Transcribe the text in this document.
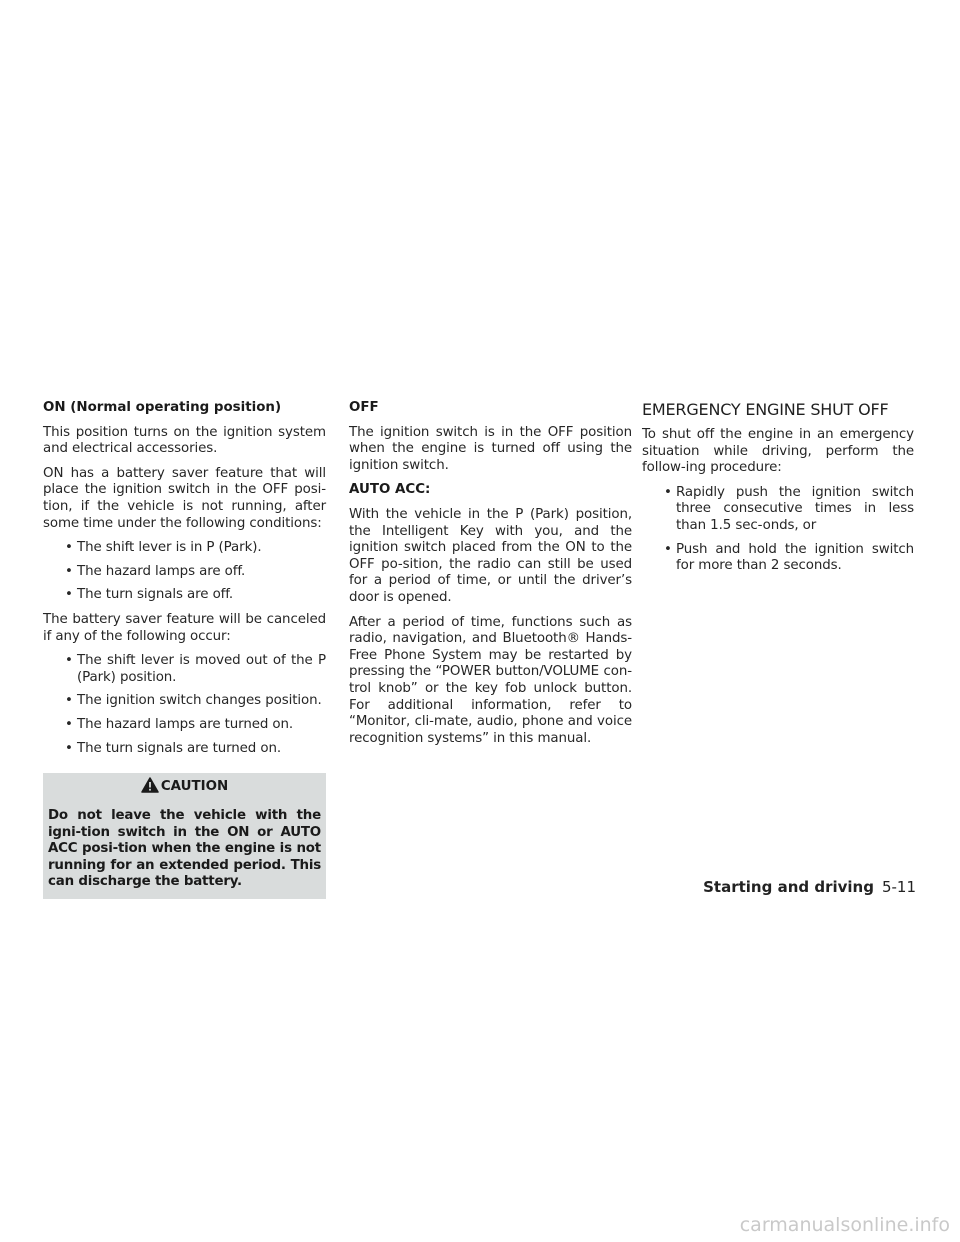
ON (Normal operating position)
This position turns on the ignition system and electrical accessories.
ON has a battery saver feature that will place the ignition switch in the OFF posi-tion, if the vehicle is not running, after some time under the following conditions:
• The shift lever is in P (Park).
• The hazard lamps are off.
• The turn signals are off.
The battery saver feature will be canceled if any of the following occur:
• The shift lever is moved out of the P (Park) position.
• The ignition switch changes position.
• The hazard lamps are turned on.
• The turn signals are turned on.
CAUTION
Do not leave the vehicle with the igni-tion switch in the ON or AUTO ACC posi-tion when the engine is not running for an extended period. This can discharge the battery.
OFF
The ignition switch is in the OFF position when the engine is turned off using the ignition switch.
AUTO ACC:
With the vehicle in the P (Park) position, the Intelligent Key with you, and the ignition switch placed from the ON to the OFF po-sition, the radio can still be used for a period of time, or until the driver’s door is opened.
After a period of time, functions such as radio, navigation, and Bluetooth® Hands-Free Phone System may be restarted by pressing the “POWER button/VOLUME con-trol knob” or the key fob unlock button. For additional information, refer to “Monitor, cli-mate, audio, phone and voice recognition systems” in this manual.
EMERGENCY ENGINE SHUT OFF
To shut off the engine in an emergency situation while driving, perform the follow-ing procedure:
• Rapidly push the ignition switch three consecutive times in less than 1.5 sec-onds, or
• Push and hold the ignition switch for more than 2 seconds.
Starting and driving 5-11
carmanualsonline.info
